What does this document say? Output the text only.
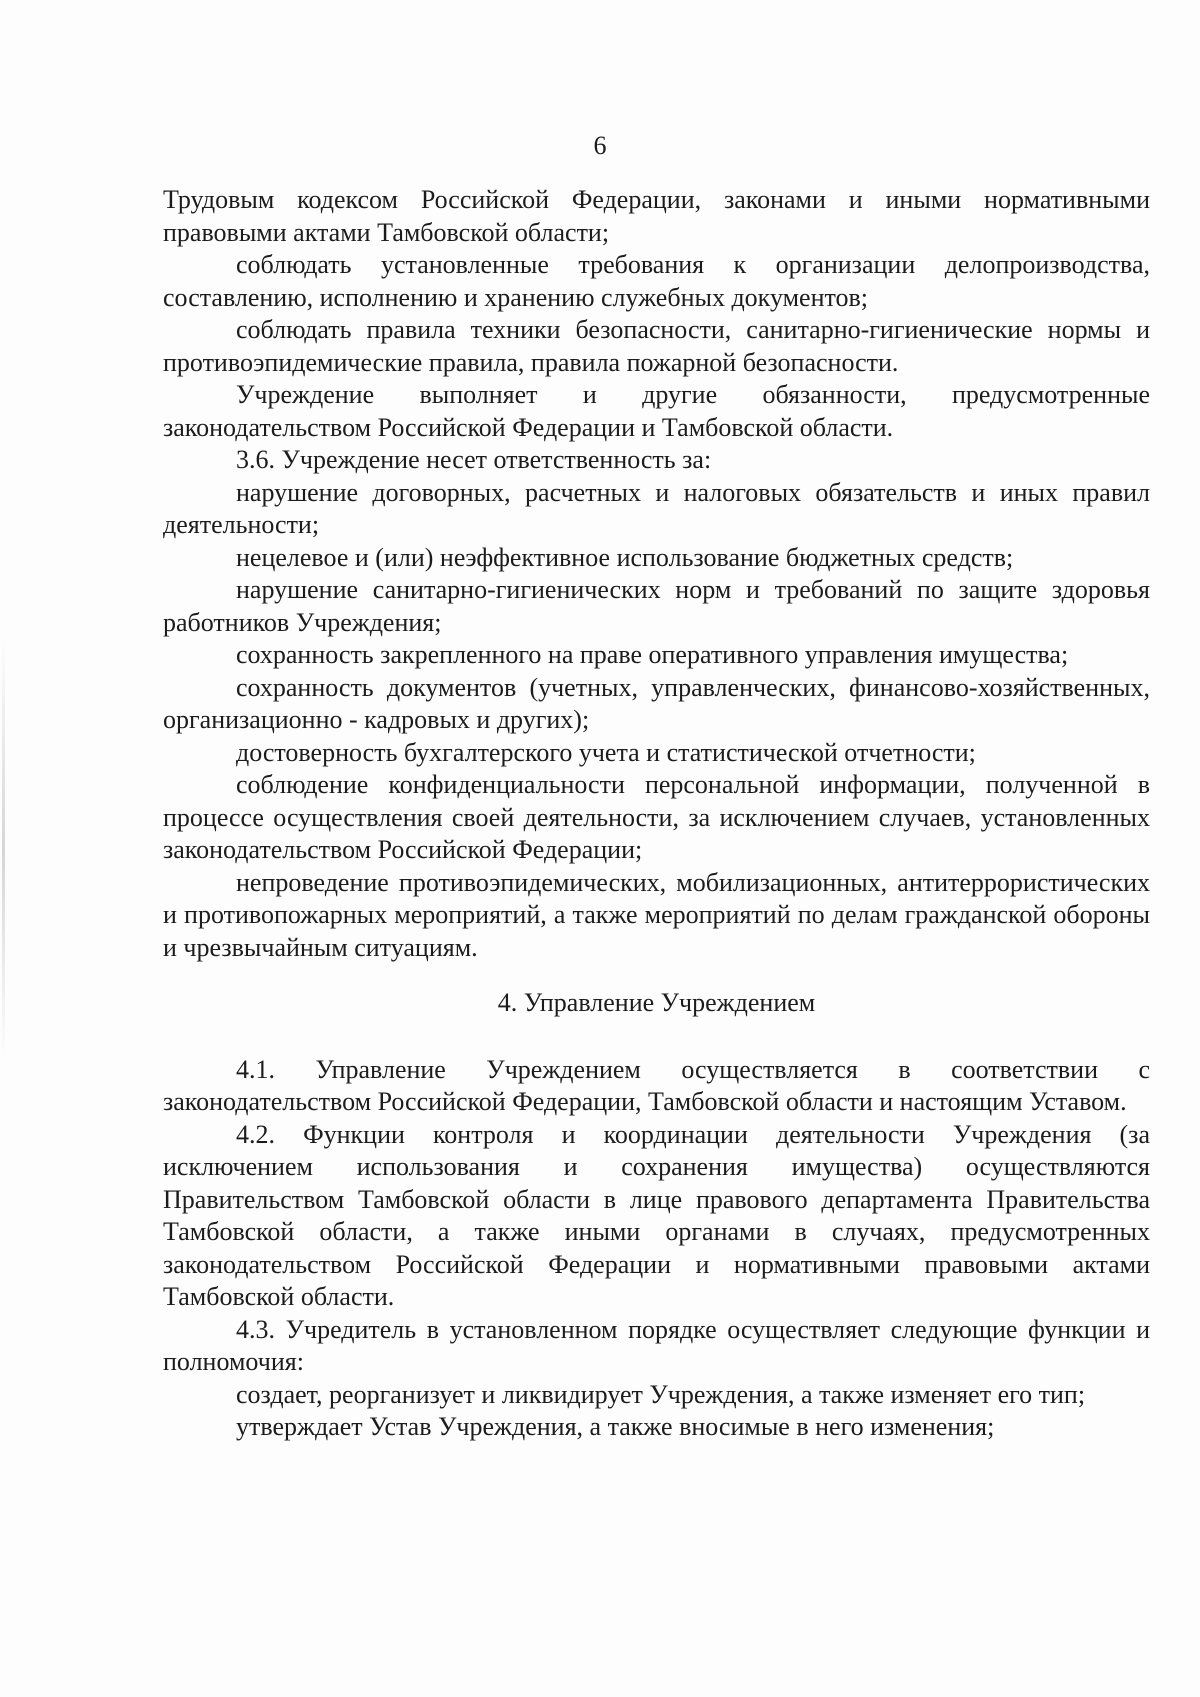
6

Трудовым кодексом Российской Федерации, законами и иными нормативными правовыми актами Тамбовской области;

соблюдать установленные требования к организации делопроизводства, составлению, исполнению и хранению служебных документов;

соблюдать правила техники безопасности, санитарно-гигиенические нормы и противоэпидемические правила, правила пожарной безопасности.

Учреждение выполняет и другие обязанности, предусмотренные законодательством Российской Федерации и Тамбовской области.

3.6. Учреждение несет ответственность за:

нарушение договорных, расчетных и налоговых обязательств и иных правил деятельности;

нецелевое и (или) неэффективное использование бюджетных средств;

нарушение санитарно-гигиенических норм и требований по защите здоровья работников Учреждения;

сохранность закрепленного на праве оперативного управления имущества;

сохранность документов (учетных, управленческих, финансово-хозяйственных, организационно - кадровых и других);

достоверность бухгалтерского учета и статистической отчетности;

соблюдение конфиденциальности персональной информации, полученной в процессе осуществления своей деятельности, за исключением случаев, установленных законодательством Российской Федерации;

непроведение противоэпидемических, мобилизационных, антитеррористических и противопожарных мероприятий, а также мероприятий по делам гражданской обороны и чрезвычайным ситуациям.

4. Управление Учреждением

4.1. Управление Учреждением осуществляется в соответствии с законодательством Российской Федерации, Тамбовской области и настоящим Уставом.

4.2. Функции контроля и координации деятельности Учреждения (за исключением использования и сохранения имущества) осуществляются Правительством Тамбовской области в лице правового департамента Правительства Тамбовской области, а также иными органами в случаях, предусмотренных законодательством Российской Федерации и нормативными правовыми актами Тамбовской области.

4.3. Учредитель в установленном порядке осуществляет следующие функции и полномочия:

создает, реорганизует и ликвидирует Учреждения, а также изменяет его тип;

утверждает Устав Учреждения, а также вносимые в него изменения;
